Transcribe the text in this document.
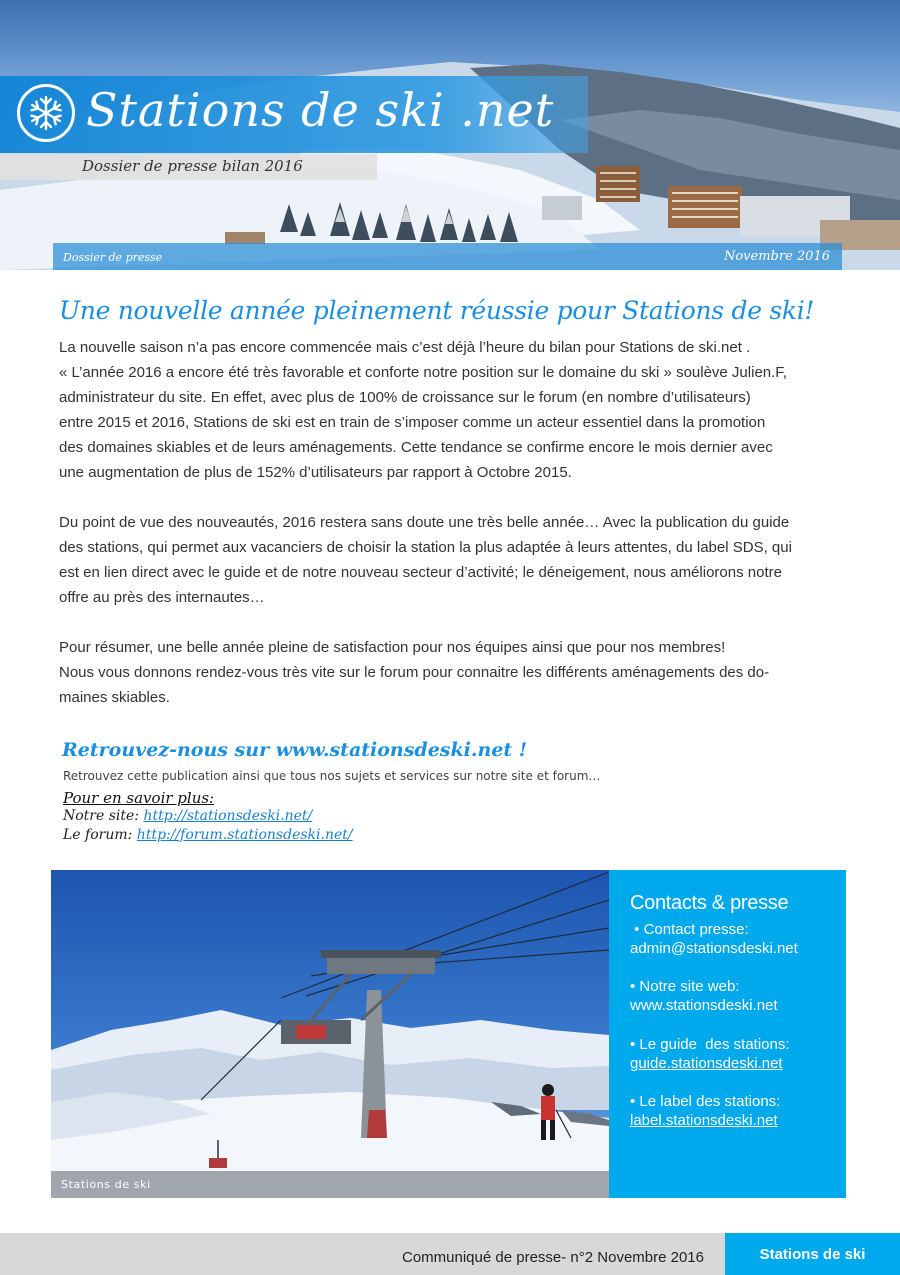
Stations de ski .net
Dossier de presse bilan 2016
Dossier de presse	Novembre 2016
Une nouvelle année pleinement réussie pour Stations de ski!

La nouvelle saison n’a pas encore commencée mais c’est déjà l’heure du bilan pour Stations de ski.net .
« L’année 2016 a encore été très favorable et conforte notre position sur le domaine du ski » soulève Julien.F,
administrateur du site. En effet, avec plus de 100% de croissance sur le forum (en nombre d’utilisateurs)
entre 2015 et 2016, Stations de ski est en train de s’imposer comme un acteur essentiel dans la promotion
des domaines skiables et de leurs aménagements. Cette tendance se confirme encore le mois dernier avec
une augmentation de plus de 152% d’utilisateurs par rapport à Octobre 2015.

Du point de vue des nouveautés, 2016 restera sans doute une très belle année… Avec la publication du guide
des stations, qui permet aux vacanciers de choisir la station la plus adaptée à leurs attentes, du label SDS, qui
est en lien direct avec le guide et de notre nouveau secteur d’activité; le déneigement, nous améliorons notre
offre au près des internautes…

Pour résumer, une belle année pleine de satisfaction pour nos équipes ainsi que pour nos membres!
Nous vous donnons rendez-vous très vite sur le forum pour connaitre les différents aménagements des do-
maines skiables.

Retrouvez-nous sur www.stationsdeski.net !
Retrouvez cette publication ainsi que tous nos sujets et services sur notre site et forum…
Pour en savoir plus:
Notre site: http://stationsdeski.net/
Le forum: http://forum.stationsdeski.net/
Stations de ski
Contacts & presse
• Contact presse:
admin@stationsdeski.net
• Notre site web:
www.stationsdeski.net
• Le guide  des stations:
guide.stationsdeski.net
• Le label des stations:
label.stationsdeski.net
Communiqué de presse- n°2 Novembre 2016	Stations de ski
